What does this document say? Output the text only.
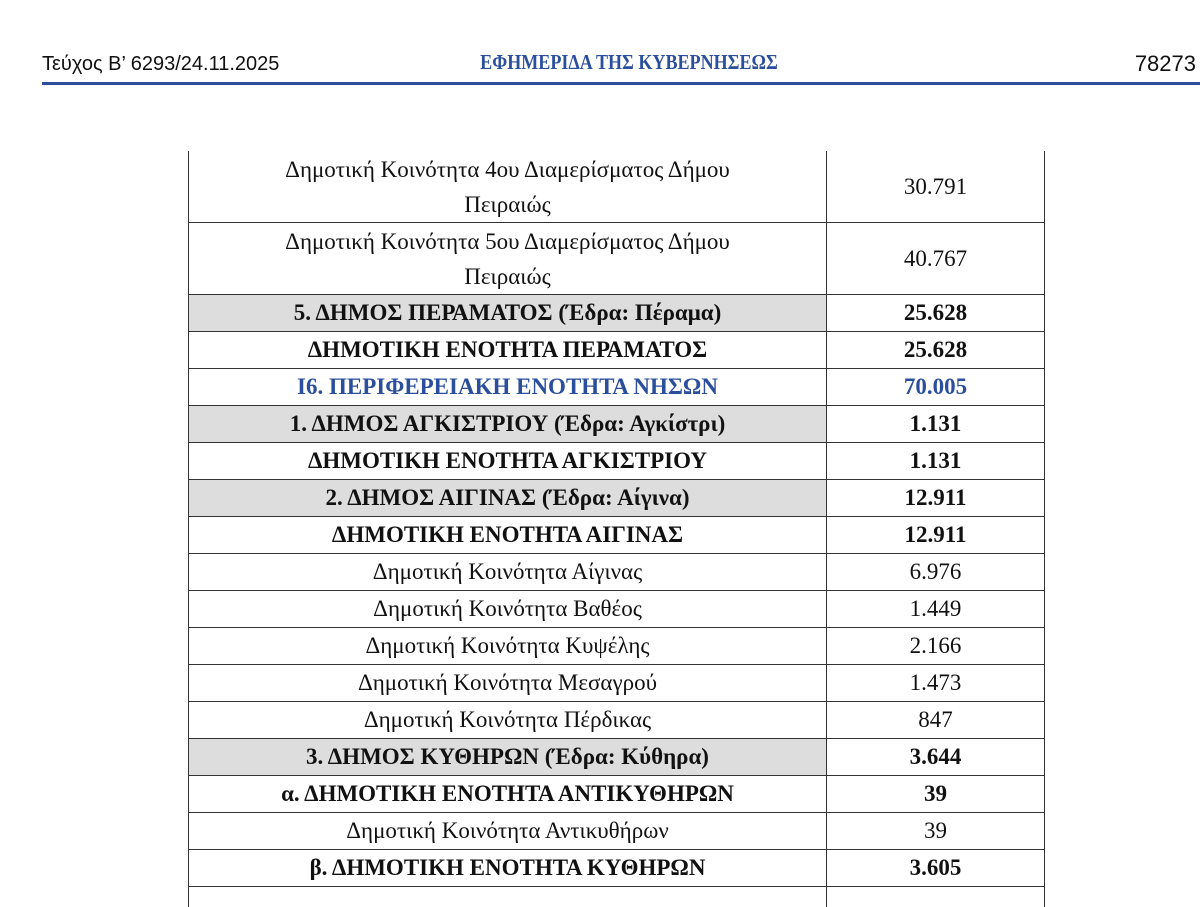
Τεύχος Β’ 6293/24.11.2025	ΕΦΗΜΕΡΙΔΑ ΤΗΣ ΚΥΒΕΡΝΗΣΕΩΣ	78273
Δημοτική Κοινότητα 4ου Διαμερίσματος Δήμου
Πειραιώς	30.791

Δημοτική Κοινότητα 5ου Διαμερίσματος Δήμου
Πειραιώς	40.767
5. ΔΗΜΟΣ ΠΕΡΑΜΑΤΟΣ (Έδρα: Πέραμα)	25.628
ΔΗΜΟΤΙΚΗ ΕΝΟΤΗΤΑ ΠΕΡΑΜΑΤΟΣ	25.628
Ι6. ΠΕΡΙΦΕΡΕΙΑΚΗ ΕΝΟΤΗΤΑ ΝΗΣΩΝ	70.005
1. ΔΗΜΟΣ ΑΓΚΙΣΤΡΙΟΥ (Έδρα: Αγκίστρι)	1.131
ΔΗΜΟΤΙΚΗ ΕΝΟΤΗΤΑ ΑΓΚΙΣΤΡΙΟΥ	1.131
2. ΔΗΜΟΣ ΑΙΓΙΝΑΣ (Έδρα: Αίγινα)	12.911
ΔΗΜΟΤΙΚΗ ΕΝΟΤΗΤΑ ΑΙΓΙΝΑΣ	12.911
Δημοτική Κοινότητα Αίγινας	6.976
Δημοτική Κοινότητα Βαθέος	1.449
Δημοτική Κοινότητα Κυψέλης	2.166
Δημοτική Κοινότητα Μεσαγρού	1.473
Δημοτική Κοινότητα Πέρδικας	847
3. ΔΗΜΟΣ ΚΥΘΗΡΩΝ (Έδρα: Κύθηρα)	3.644
α. ΔΗΜΟΤΙΚΗ ΕΝΟΤΗΤΑ ΑΝΤΙΚΥΘΗΡΩΝ	39
Δημοτική Κοινότητα Αντικυθήρων	39
β. ΔΗΜΟΤΙΚΗ ΕΝΟΤΗΤΑ ΚΥΘΗΡΩΝ	3.605
